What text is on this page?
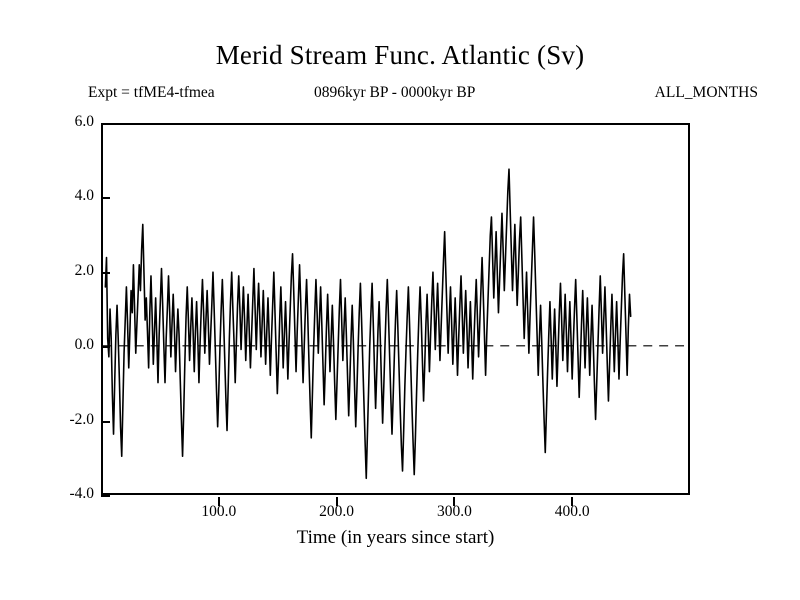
Merid Stream Func. Atlantic (Sv)
Expt = tfME4-tfmea	0896kyr BP - 0000kyr BP	ALL_MONTHS
-4.0
-2.0
0.0
2.0
4.0
6.0
100.0	200.0	300.0	400.0
Time (in years since start)
